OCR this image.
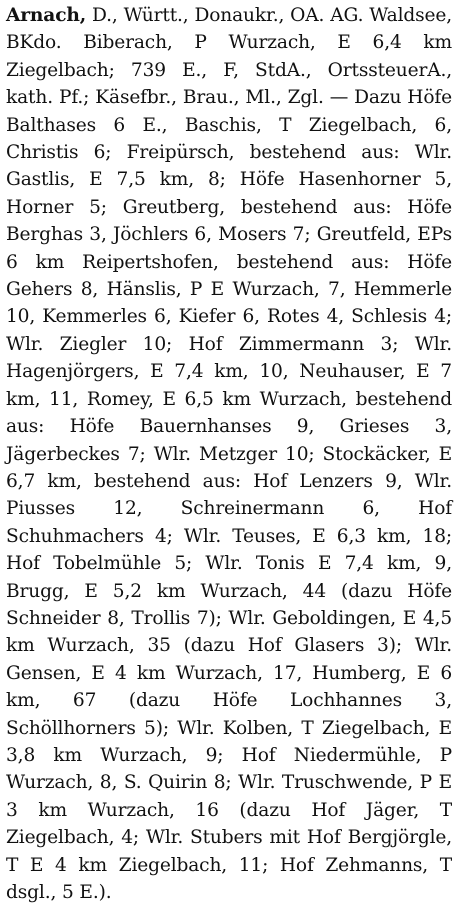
Arnach, D., Württ., Donaukr., OA. AG. Waldsee, BKdo. Biberach, P Wurzach, E 6,4 km Ziegelbach; 739 E., F, StdA., OrtssteuerA., kath. Pf.; Käsefbr., Brau., Ml., Zgl. — Dazu Höfe Balthases 6 E., Baschis, T Ziegelbach, 6, Christis 6; Freipürsch, bestehend aus: Wlr. Gastlis, E 7,5 km, 8; Höfe Hasenhorner 5, Horner 5; Greutberg, bestehend aus: Höfe Berghas 3, Jöchlers 6, Mosers 7; Greutfeld, EPs 6 km Reipertshofen, bestehend aus: Höfe Gehers 8, Hänslis, P E Wurzach, 7, Hemmerle 10, Kemmerles 6, Kiefer 6, Rotes 4, Schlesis 4; Wlr. Ziegler 10; Hof Zimmermann 3; Wlr. Hagenjörgers, E 7,4 km, 10, Neuhauser, E 7 km, 11, Romey, E 6,5 km Wurzach, bestehend aus: Höfe Bauernhanses 9, Grieses 3, Jägerbeckes 7; Wlr. Metzger 10; Stockäcker, E 6,7 km, bestehend aus: Hof Lenzers 9, Wlr. Piusses 12, Schreinermann 6, Hof Schuhmachers 4; Wlr. Teuses, E 6,3 km, 18; Hof Tobelmühle 5; Wlr. Tonis E 7,4 km, 9, Brugg, E 5,2 km Wurzach, 44 (dazu Höfe Schneider 8, Trollis 7); Wlr. Geboldingen, E 4,5 km Wurzach, 35 (dazu Hof Glasers 3); Wlr. Gensen, E 4 km Wurzach, 17, Humberg, E 6 km, 67 (dazu Höfe Lochhannes 3, Schöllhorners 5); Wlr. Kolben, T Ziegelbach, E 3,8 km Wurzach, 9; Hof Niedermühle, P Wurzach, 8, S. Quirin 8; Wlr. Truschwende, P E 3 km Wurzach, 16 (dazu Hof Jäger, T Ziegelbach, 4; Wlr. Stubers mit Hof Bergjörgle, T E 4 km Ziegelbach, 11; Hof Zehmanns, T dsgl., 5 E.).
